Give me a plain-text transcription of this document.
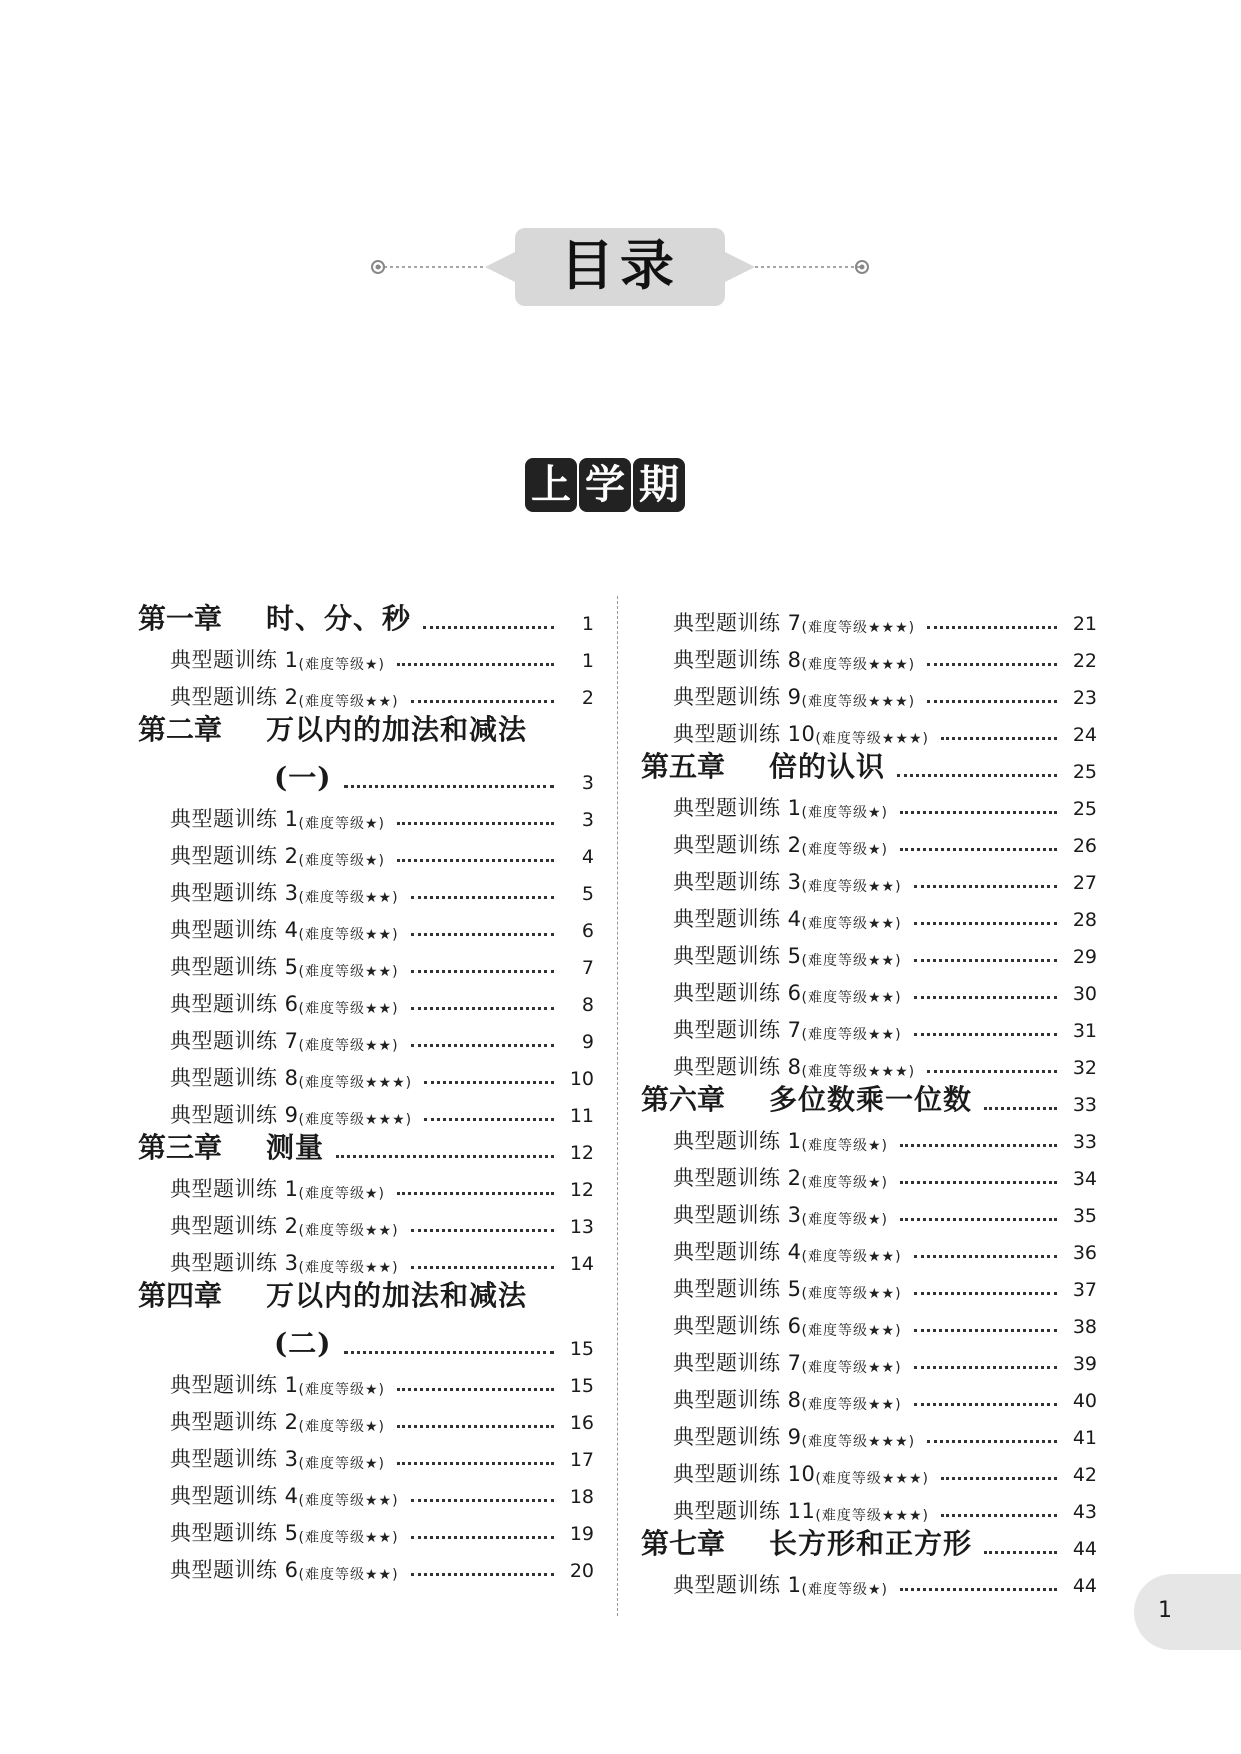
目录
上 学 期
第一章	时、分、秒	1
典型题训练 1 (难度等级★)	1
典型题训练 2 (难度等级★★)	2
第二章	万以内的加法和减法
(一)	3
典型题训练 1 (难度等级★)	3
典型题训练 2 (难度等级★)	4
典型题训练 3 (难度等级★★)	5
典型题训练 4 (难度等级★★)	6
典型题训练 5 (难度等级★★)	7
典型题训练 6 (难度等级★★)	8
典型题训练 7 (难度等级★★)	9
典型题训练 8 (难度等级★★★)	10
典型题训练 9 (难度等级★★★)	11
第三章	测量	12
典型题训练 1 (难度等级★)	12
典型题训练 2 (难度等级★★)	13
典型题训练 3 (难度等级★★)	14
第四章	万以内的加法和减法
(二)	15
典型题训练 1 (难度等级★)	15
典型题训练 2 (难度等级★)	16
典型题训练 3 (难度等级★)	17
典型题训练 4 (难度等级★★)	18
典型题训练 5 (难度等级★★)	19
典型题训练 6 (难度等级★★)	20
典型题训练 7 (难度等级★★★)	21
典型题训练 8 (难度等级★★★)	22
典型题训练 9 (难度等级★★★)	23
典型题训练 10 (难度等级★★★)	24
第五章	倍的认识	25
典型题训练 1 (难度等级★)	25
典型题训练 2 (难度等级★)	26
典型题训练 3 (难度等级★★)	27
典型题训练 4 (难度等级★★)	28
典型题训练 5 (难度等级★★)	29
典型题训练 6 (难度等级★★)	30
典型题训练 7 (难度等级★★)	31
典型题训练 8 (难度等级★★★)	32
第六章	多位数乘一位数	33
典型题训练 1 (难度等级★)	33
典型题训练 2 (难度等级★)	34
典型题训练 3 (难度等级★)	35
典型题训练 4 (难度等级★★)	36
典型题训练 5 (难度等级★★)	37
典型题训练 6 (难度等级★★)	38
典型题训练 7 (难度等级★★)	39
典型题训练 8 (难度等级★★)	40
典型题训练 9 (难度等级★★★)	41
典型题训练 10 (难度等级★★★)	42
典型题训练 11 (难度等级★★★)	43
第七章	长方形和正方形	44
典型题训练 1 (难度等级★)	44
1
